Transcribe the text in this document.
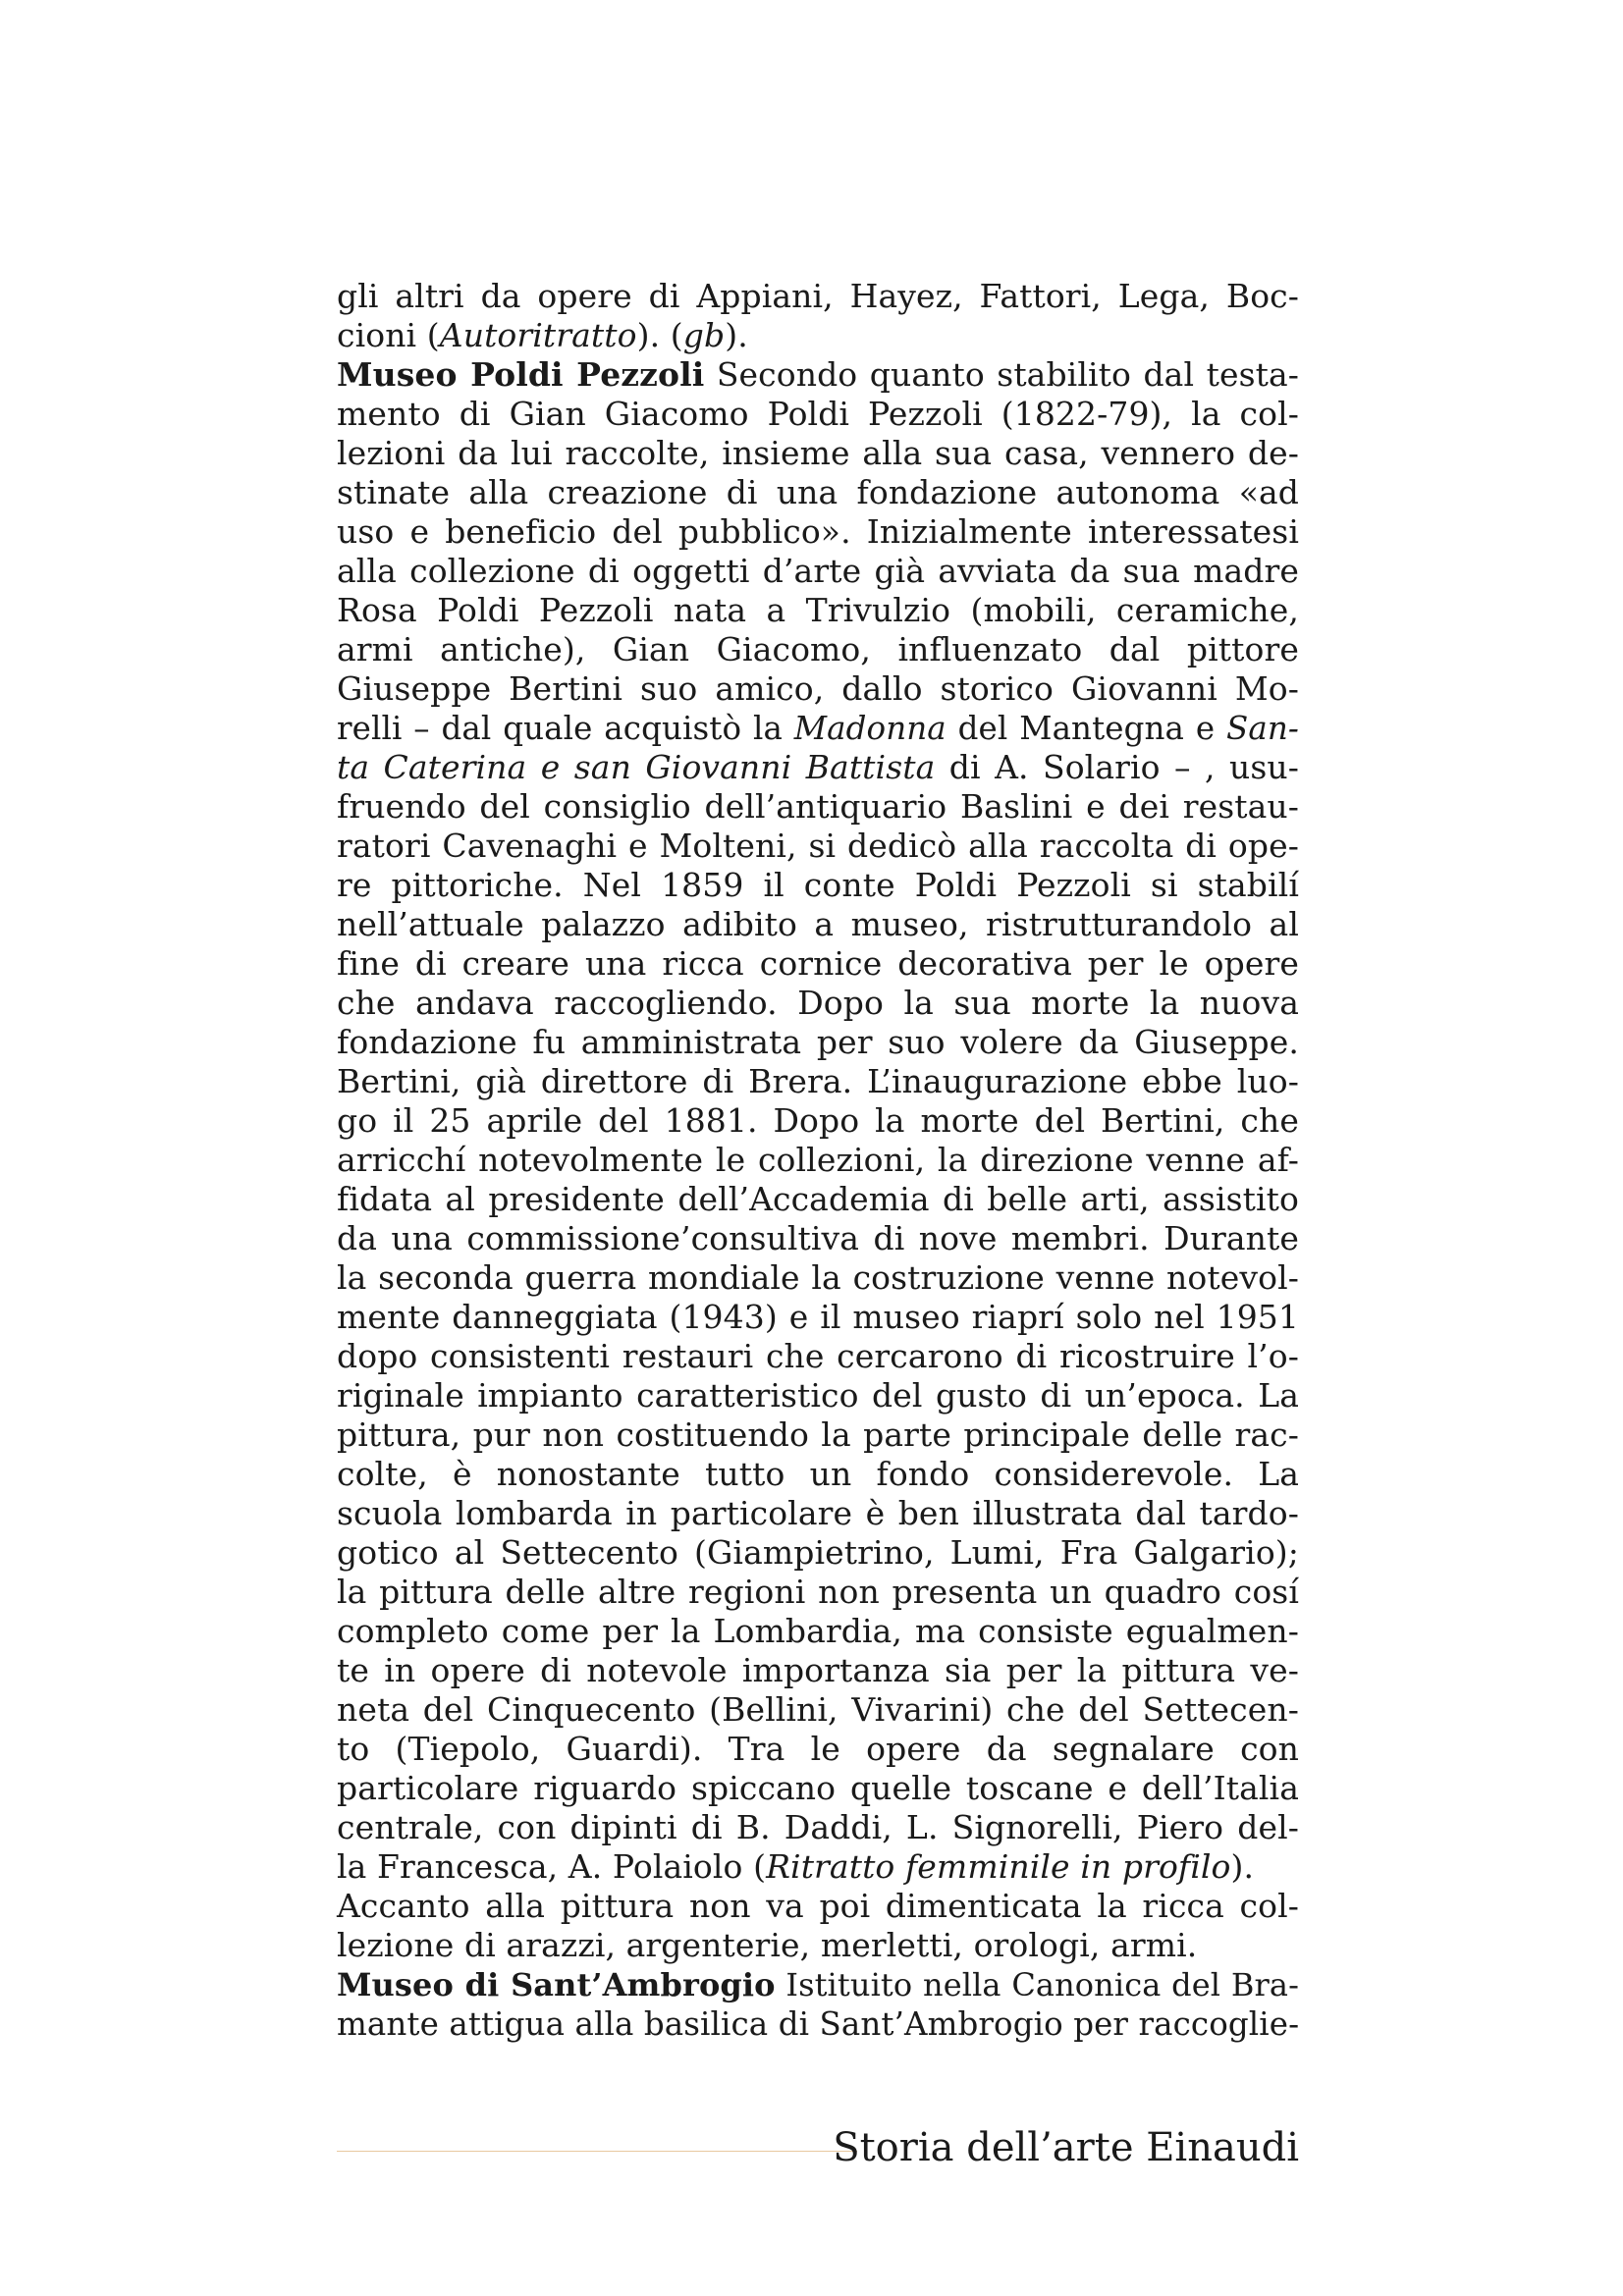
gli altri da opere di Appiani, Hayez, Fattori, Lega, Boc-
cioni (Autoritratto). (gb).
Museo Poldi Pezzoli Secondo quanto stabilito dal testa-
mento di Gian Giacomo Poldi Pezzoli (1822-79), la col-
lezioni da lui raccolte, insieme alla sua casa, vennero de-
stinate alla creazione di una fondazione autonoma «ad
uso e beneficio del pubblico». Inizialmente interessatesi
alla collezione di oggetti d’arte già avviata da sua madre
Rosa Poldi Pezzoli nata a Trivulzio (mobili, ceramiche,
armi antiche), Gian Giacomo, influenzato dal pittore
Giuseppe Bertini suo amico, dallo storico Giovanni Mo-
relli – dal quale acquistò la Madonna del Mantegna e San-
ta Caterina e san Giovanni Battista di A. Solario – , usu-
fruendo del consiglio dell’antiquario Baslini e dei restau-
ratori Cavenaghi e Molteni, si dedicò alla raccolta di ope-
re pittoriche. Nel 1859 il conte Poldi Pezzoli si stabilí
nell’attuale palazzo adibito a museo, ristrutturandolo al
fine di creare una ricca cornice decorativa per le opere
che andava raccogliendo. Dopo la sua morte la nuova
fondazione fu amministrata per suo volere da Giuseppe.
Bertini, già direttore di Brera. L’inaugurazione ebbe luo-
go il 25 aprile del 1881. Dopo la morte del Bertini, che
arricchí notevolmente le collezioni, la direzione venne af-
fidata al presidente dell’Accademia di belle arti, assistito
da una commissione’consultiva di nove membri. Durante
la seconda guerra mondiale la costruzione venne notevol-
mente danneggiata (1943) e il museo riaprí solo nel 1951
dopo consistenti restauri che cercarono di ricostruire l’o-
riginale impianto caratteristico del gusto di un’epoca. La
pittura, pur non costituendo la parte principale delle rac-
colte, è nonostante tutto un fondo considerevole. La
scuola lombarda in particolare è ben illustrata dal tardo-
gotico al Settecento (Giampietrino, Lumi, Fra Galgario);
la pittura delle altre regioni non presenta un quadro cosí
completo come per la Lombardia, ma consiste egualmen-
te in opere di notevole importanza sia per la pittura ve-
neta del Cinquecento (Bellini, Vivarini) che del Settecen-
to (Tiepolo, Guardi). Tra le opere da segnalare con
particolare riguardo spiccano quelle toscane e dell’Italia
centrale, con dipinti di B. Daddi, L. Signorelli, Piero del-
la Francesca, A. Polaiolo (Ritratto femminile in profilo).
Accanto alla pittura non va poi dimenticata la ricca col-
lezione di arazzi, argenterie, merletti, orologi, armi.
Museo di Sant’Ambrogio Istituito nella Canonica del Bra-
mante attigua alla basilica di Sant’Ambrogio per raccoglie-
Storia dell’arte Einaudi
